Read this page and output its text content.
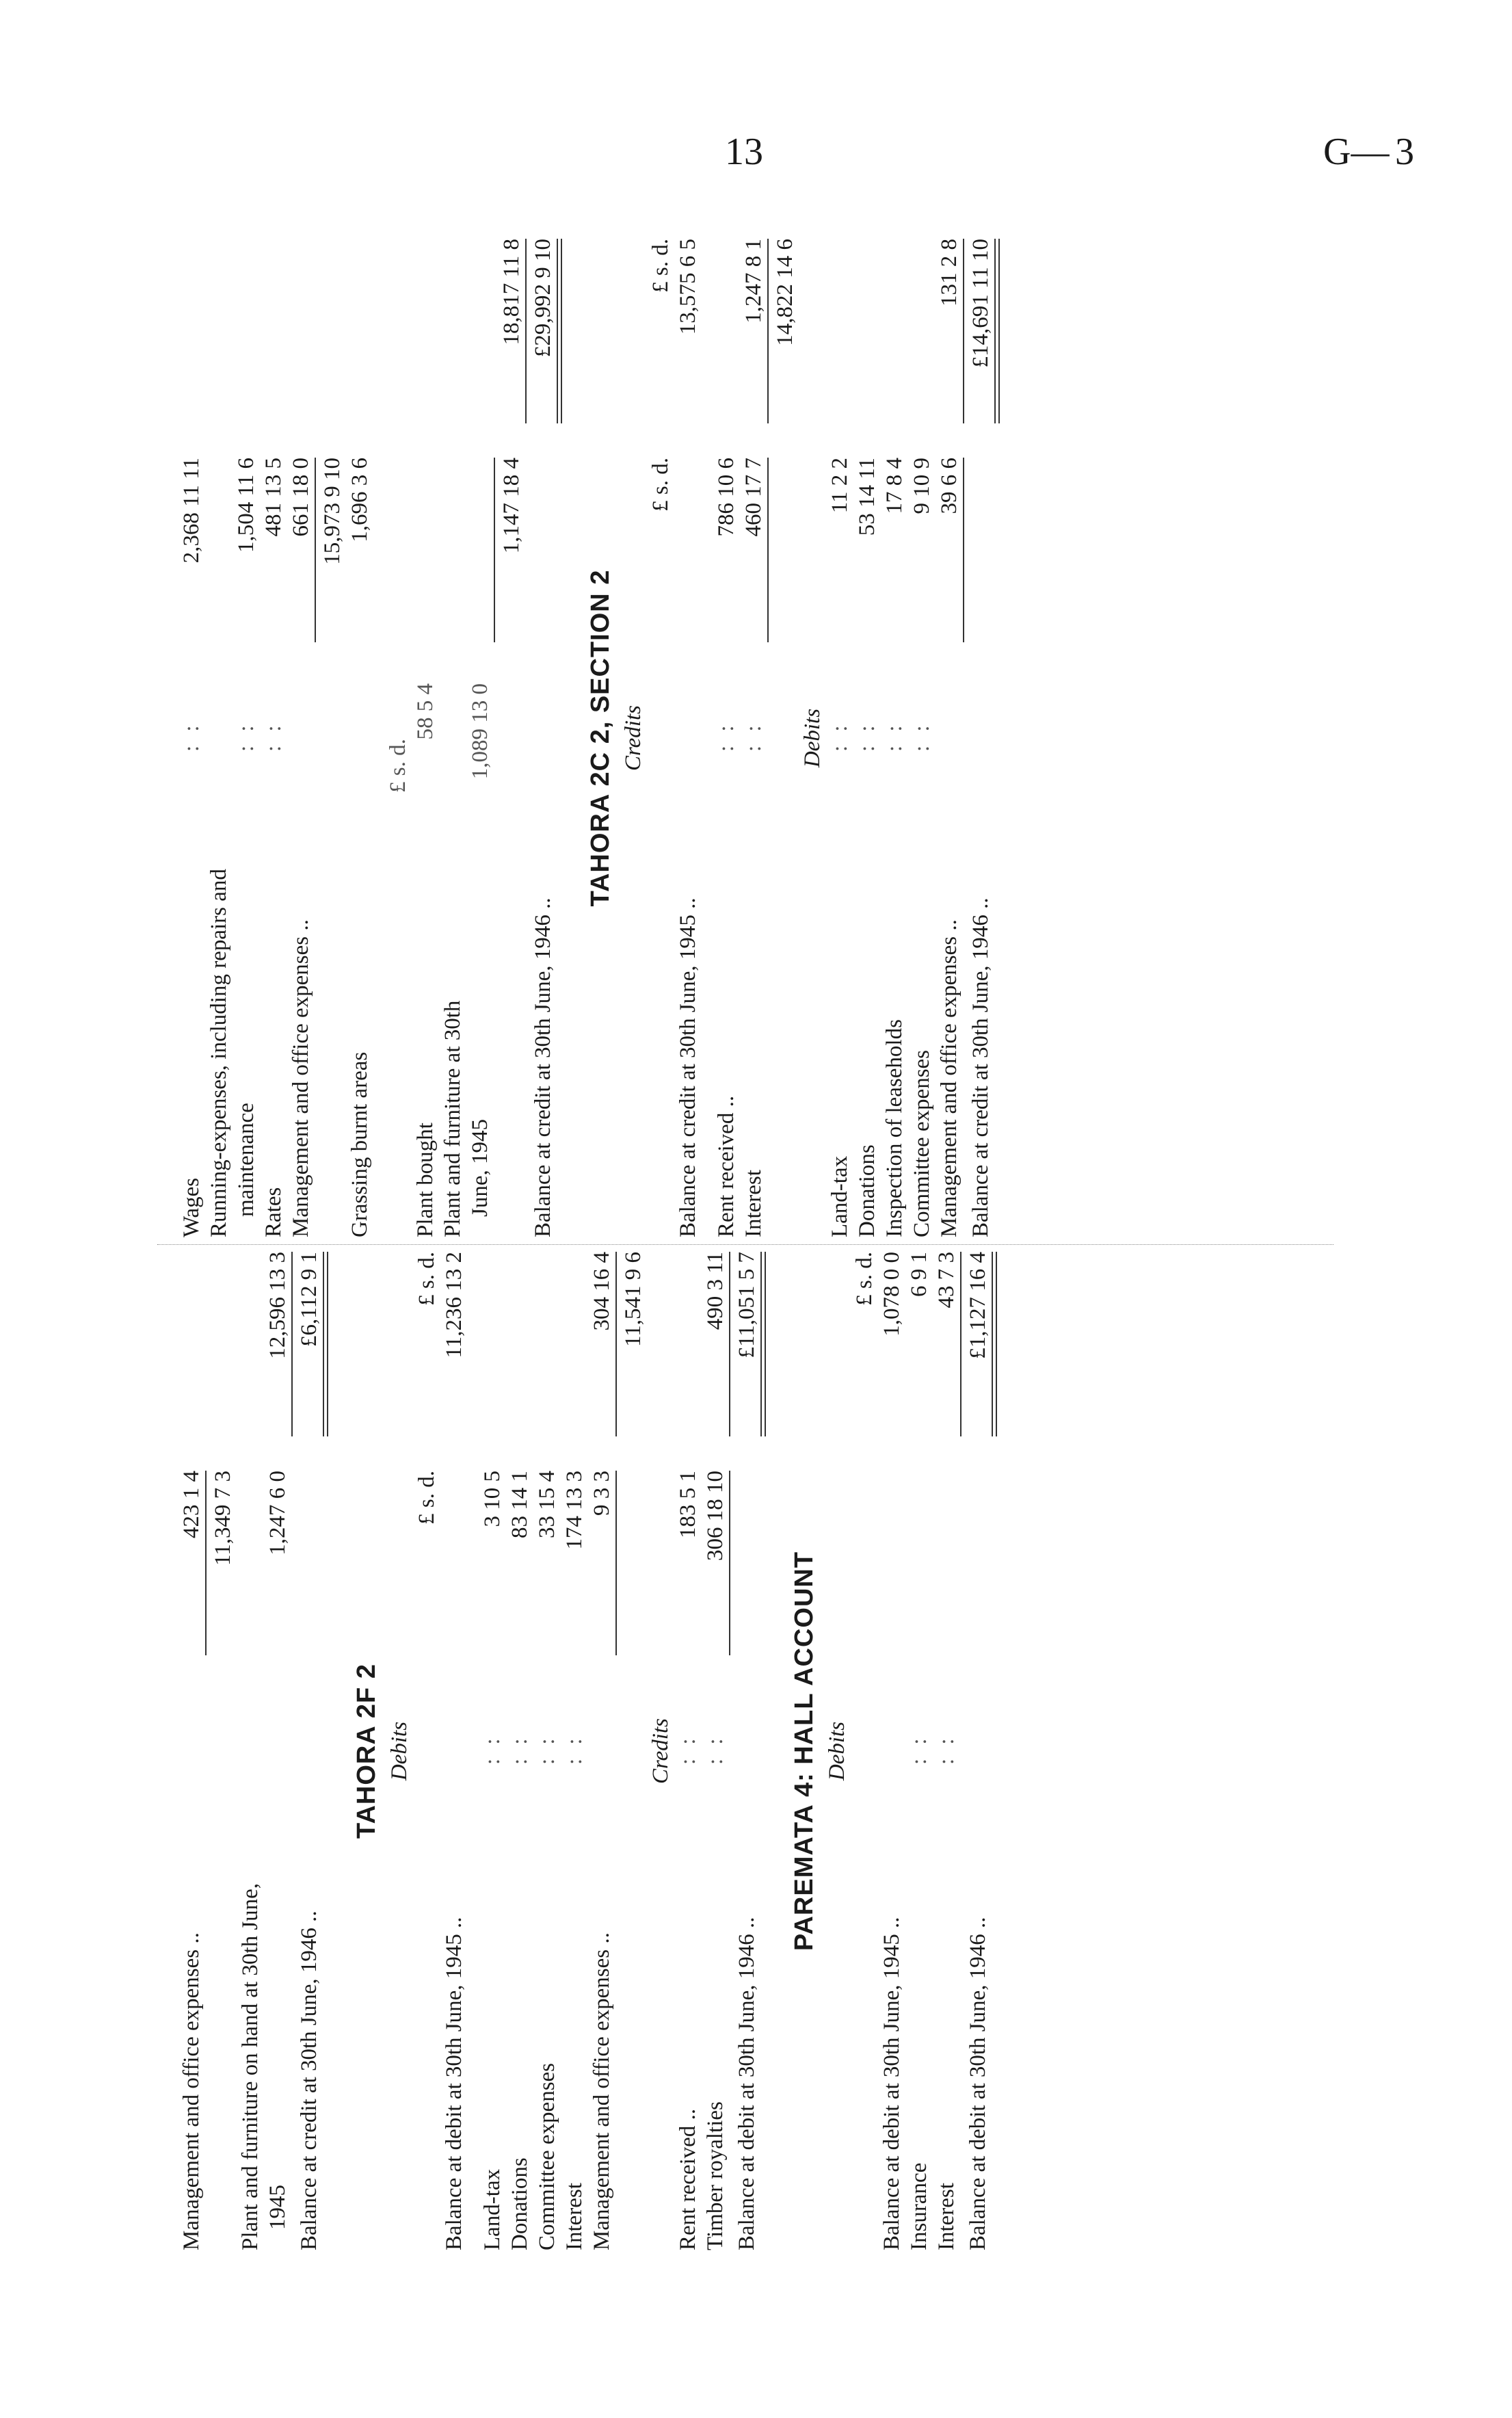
13	G— 3
Management and office expenses ..
423 1 4 11,349 7 3
Plant and furniture on hand at 30th June, 1945
1,247 6 0
12,596 13 3
Balance at credit at 30th June, 1946 ..
£6,112 9 1
TAHORA 2F 2 Debits
£ s. d.
£ s. d.
Balance at debit at 30th June, 1945 ..
11,236 13 2
Land-tax
: :
3 10 5
Donations
: :
83 14 1
Committee expenses
: :
33 15 4
Interest
: :
174 13 3
Management and office expenses ..
9 3 3
304 16 4 11,541 9 6
Credits
Rent received ..
: :
183 5 1
Timber royalties
: :
306 18 10
490 3 11
Balance at debit at 30th June, 1946 ..
£11,051 5 7
PAREMATA 4: HALL ACCOUNT Debits
£ s. d.
Balance at debit at 30th June, 1945 ..
1,078 0 0
Insurance
: :
6 9 1
Interest
: :
43 7 3
Balance at debit at 30th June, 1946 ..
£1,127 16 4
Wages
: :
2,368 11 11
Running-expenses, including repairs and maintenance
: :
1,504 11 6
Rates
: :
481 13 5
Management and office expenses ..
661 18 0 15,973 9 10
Grassing burnt areas
1,696 3 6
£ s. d.
Plant bought
58 5 4
Plant and furniture at 30th June, 1945
1,089 13 0
1,147 18 4
18,817 11 8
Balance at credit at 30th June, 1946 ..
£29,992 9 10
TAHORA 2C 2, SECTION 2 Credits
£ s. d.
£ s. d.
Balance at credit at 30th June, 1945 ..
13,575 6 5
Rent received ..
: :
786 10 6
Interest
: :
460 17 7
1,247 8 1 14,822 14 6
Debits
Land-tax
: :
11 2 2
Donations
: :
53 14 11
Inspection of leaseholds
: :
17 8 4
Committee expenses
: :
9 10 9
Management and office expenses ..
39 6 6
131 2 8
Balance at credit at 30th June, 1946 ..
£14,691 11 10
